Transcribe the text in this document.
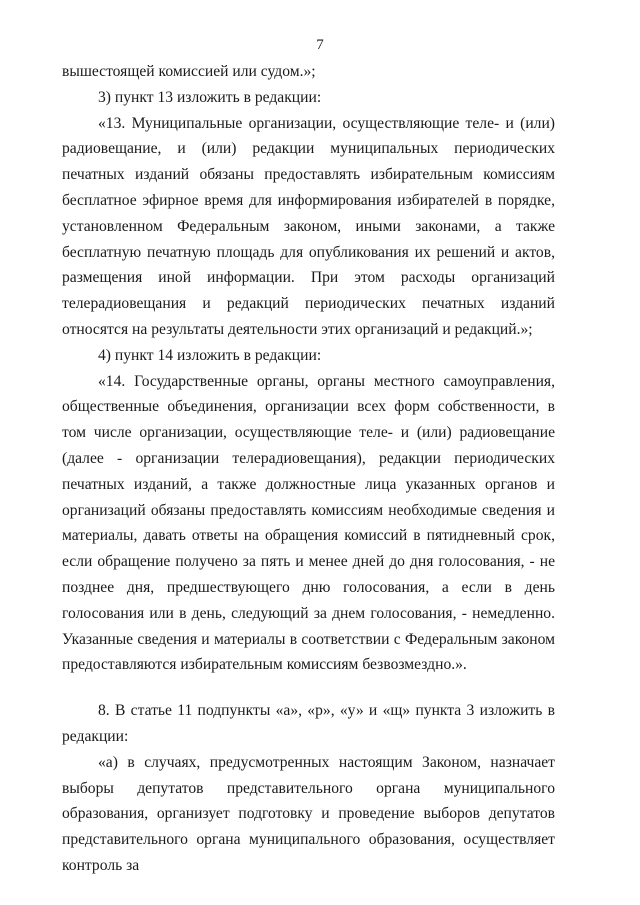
7

вышестоящей комиссией или судом.»;

3) пункт 13 изложить в редакции:

«13. Муниципальные организации, осуществляющие теле- и (или) радиовещание, и (или) редакции муниципальных периодических печатных изданий обязаны предоставлять избирательным комиссиям бесплатное эфирное время для информирования избирателей в порядке, установленном Федеральным законом, иными законами, а также бесплатную печатную площадь для опубликования их решений и актов, размещения иной информации. При этом расходы организаций телерадиовещания и редакций периодических печатных изданий относятся на результаты деятельности этих организаций и редакций.»;

4) пункт 14 изложить в редакции:

«14. Государственные органы, органы местного самоуправления, общественные объединения, организации всех форм собственности, в том числе организации, осуществляющие теле- и (или) радиовещание (далее - организации телерадиовещания), редакции периодических печатных изданий, а также должностные лица указанных органов и организаций обязаны предоставлять комиссиям необходимые сведения и материалы, давать ответы на обращения комиссий в пятидневный срок, если обращение получено за пять и менее дней до дня голосования, - не позднее дня, предшествующего дню голосования, а если в день голосования или в день, следующий за днем голосования, - немедленно. Указанные сведения и материалы в соответствии с Федеральным законом предоставляются избирательным комиссиям безвозмездно.».

8. В статье 11 подпункты «а», «р», «у» и «щ» пункта 3 изложить в редакции:

«а) в случаях, предусмотренных настоящим Законом, назначает выборы депутатов представительного органа муниципального образования, организует подготовку и проведение выборов депутатов представительного органа муниципального образования, осуществляет контроль за
